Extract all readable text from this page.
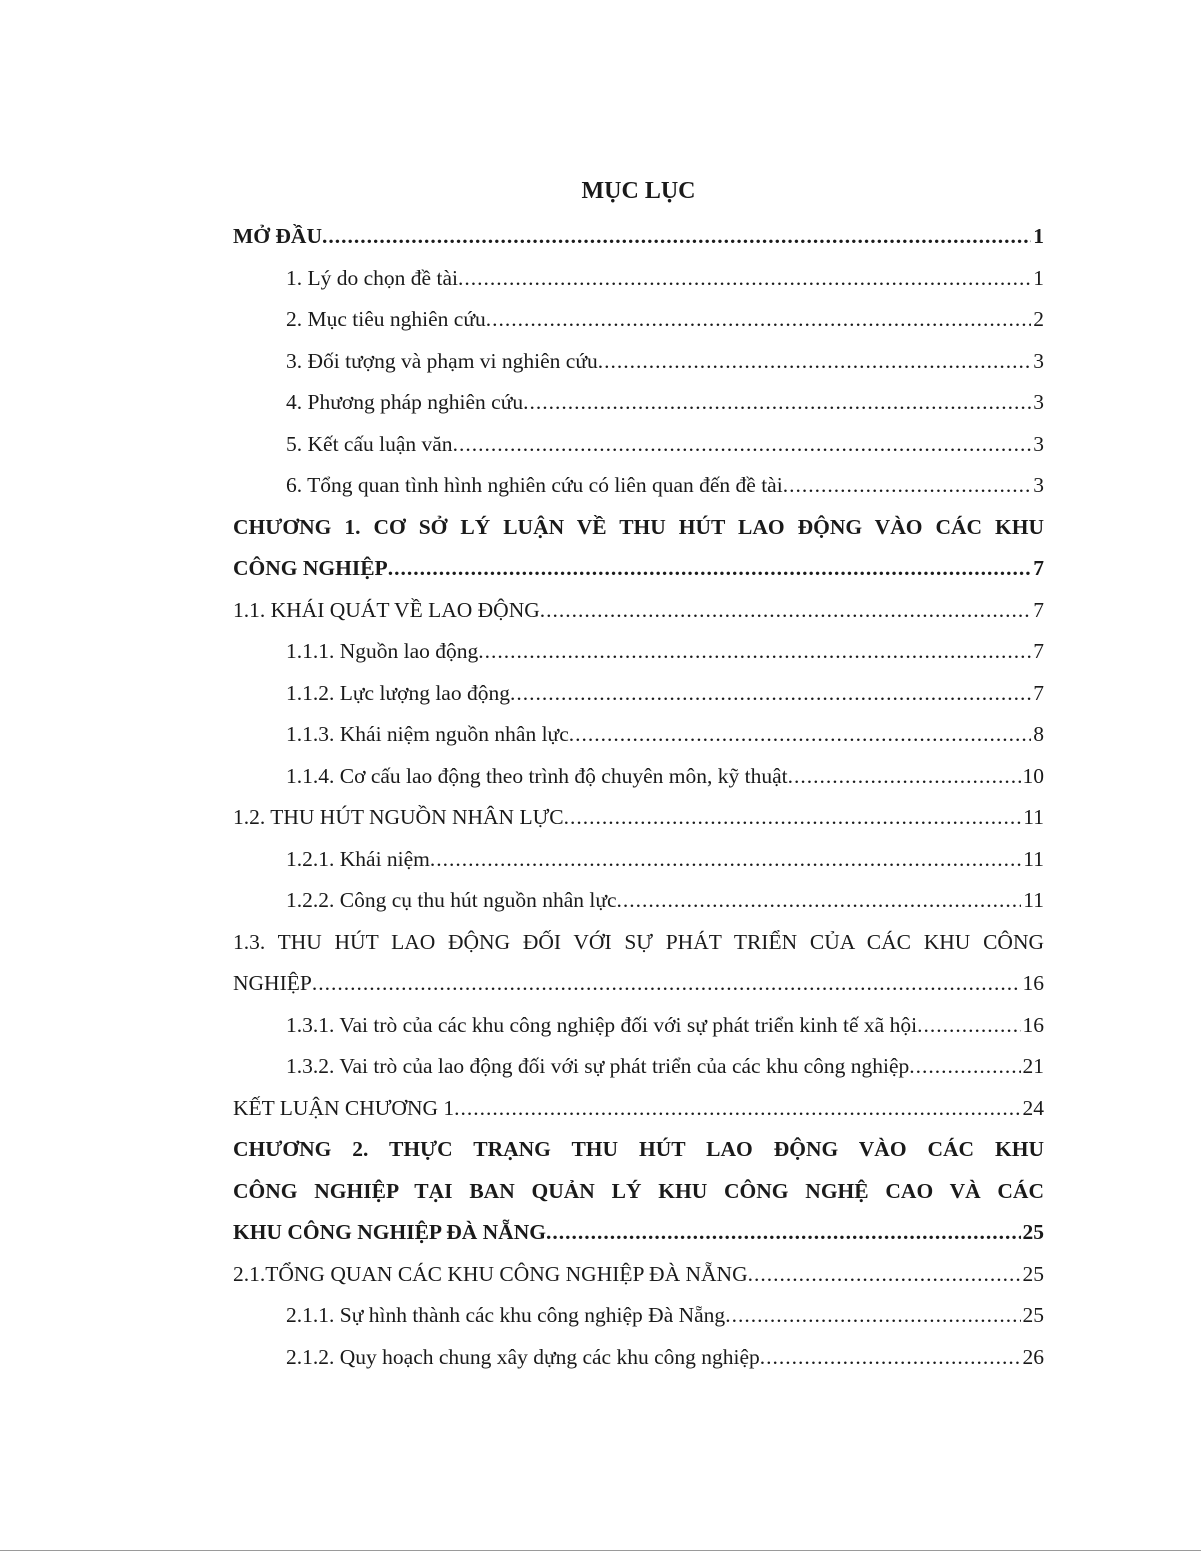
MỤC LỤC
MỞ ĐẦU .....	1
1. Lý do chọn đề tài .....	1
2. Mục tiêu nghiên cứu .....	2
3. Đối tượng và phạm vi nghiên cứu .....	3
4. Phương pháp nghiên cứu .....	3
5. Kết cấu luận văn .....	3
6. Tổng quan tình hình nghiên cứu có liên quan đến đề tài .....	3
CHƯƠNG 1. CƠ SỞ LÝ LUẬN VỀ THU HÚT LAO ĐỘNG VÀO CÁC KHU
CÔNG NGHIỆP .....	7
1.1. KHÁI QUÁT VỀ LAO ĐỘNG .....	7
1.1.1. Nguồn lao động .....	7
1.1.2. Lực lượng lao động .....	7
1.1.3. Khái niệm nguồn nhân lực .....	8
1.1.4. Cơ cấu lao động theo trình độ chuyên môn, kỹ thuật .....	10
1.2. THU HÚT NGUỒN NHÂN LỰC .....	11
1.2.1. Khái niệm .....	11
1.2.2. Công cụ thu hút nguồn nhân lực .....	11
1.3. THU HÚT LAO ĐỘNG ĐỐI VỚI SỰ PHÁT TRIỂN CỦA CÁC KHU CÔNG
NGHIỆP .....	16
1.3.1. Vai trò của các khu công nghiệp đối với sự phát triển kinh tế xã hội .....	16
1.3.2. Vai trò của lao động đối với sự phát triển của các khu công nghiệp .....	21
KẾT LUẬN CHƯƠNG 1 .....	24
CHƯƠNG 2. THỰC TRẠNG THU HÚT LAO ĐỘNG VÀO CÁC KHU
CÔNG NGHIỆP TẠI BAN QUẢN LÝ KHU CÔNG NGHỆ CAO VÀ CÁC
KHU CÔNG NGHIỆP ĐÀ NẴNG .....	25
2.1.TỔNG QUAN CÁC KHU CÔNG NGHIỆP ĐÀ NẴNG .....	25
2.1.1. Sự hình thành các khu công nghiệp Đà Nẵng .....	25
2.1.2. Quy hoạch chung xây dựng các khu công nghiệp .....	26
